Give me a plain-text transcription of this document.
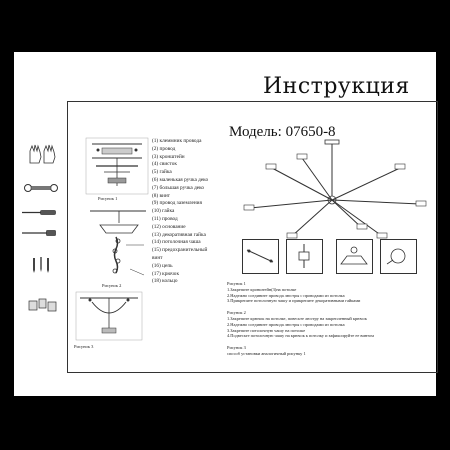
Инструкция
Рисунок 1
Рисунок 2
Рисунок 3
(1) клеммник провода
(2) провод
(3) кронштейн
(4) свисток
(5) гайка
(6) маленькая ручка деко
(7) большая ручка деко
(8) винт
(9) провод заземления
(10) гайка
(11) провод
(12) основание
(13) декоративная гайка
(14) потолочная чаша
(15) предохранительный
винт
(16) цепь
(17) крючок
(18) кольцо
Модель: 07650-8

Рисунок 1

1.Закрепите кронштейн(3)на потолке

2.Надежно соедините провода люстры с проводами из потолка

3.Прикрепите потолочную чашу и прикрепите декоративными гайками

Рисунок 2

1.Закрепите крючок на потолке, повесьте люстру на закрепленный крючок

2.Надежно соедините провода люстры с проводами из потолка

3.Закрепите потолочную чашу на потолке

4.Подвесьте потолочную чашу на крючок к потолку и зафиксируйте ее винтом

Рисунок 3

способ установки аналогичный рисунку 1
